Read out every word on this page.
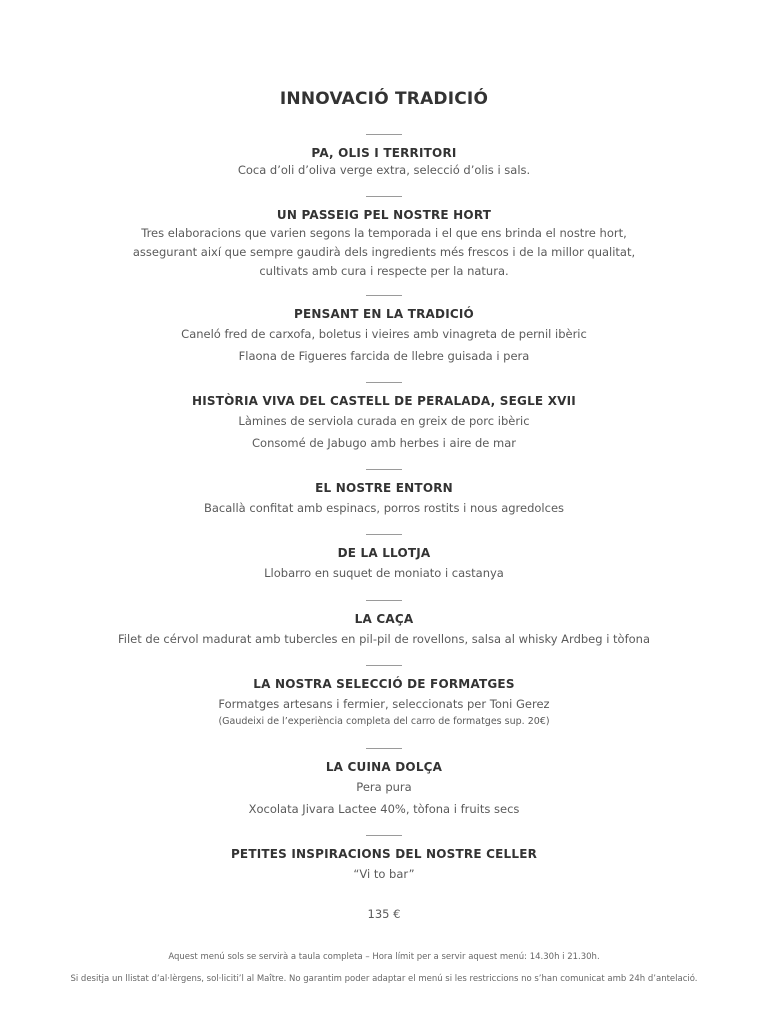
INNOVACIÓ TRADICIÓ
PA, OLIS I TERRITORI
Coca d’oli d’oliva verge extra, selecció d’olis i sals.
UN PASSEIG PEL NOSTRE HORT
Tres elaboracions que varien segons la temporada i el que ens brinda el nostre hort,
assegurant així que sempre gaudirà dels ingredients més frescos i de la millor qualitat,
cultivats amb cura i respecte per la natura.
PENSANT EN LA TRADICIÓ
Caneló fred de carxofa, boletus i vieires amb vinagreta de pernil ibèric
Flaona de Figueres farcida de llebre guisada i pera
HISTÒRIA VIVA DEL CASTELL DE PERALADA, SEGLE XVII
Làmines de serviola curada en greix de porc ibèric
Consomé de Jabugo amb herbes i aire de mar
EL NOSTRE ENTORN
Bacallà confitat amb espinacs, porros rostits i nous agredolces
DE LA LLOTJA
Llobarro en suquet de moniato i castanya
LA CAÇA
Filet de cérvol madurat amb tubercles en pil-pil de rovellons, salsa al whisky Ardbeg i tòfona
LA NOSTRA SELECCIÓ DE FORMATGES
Formatges artesans i fermier, seleccionats per Toni Gerez
(Gaudeixi de l’experiència completa del carro de formatges sup. 20€)
LA CUINA DOLÇA
Pera pura
Xocolata Jivara Lactee 40%, tòfona i fruits secs
PETITES INSPIRACIONS DEL NOSTRE CELLER
“Vi to bar”
135 €
Aquest menú sols se servirà a taula completa – Hora límit per a servir aquest menú: 14.30h i 21.30h.
Si desitja un llistat d’al·lèrgens, sol·liciti’l al Maître. No garantim poder adaptar el menú si les restriccions no s’han comunicat amb 24h d’antelació.
